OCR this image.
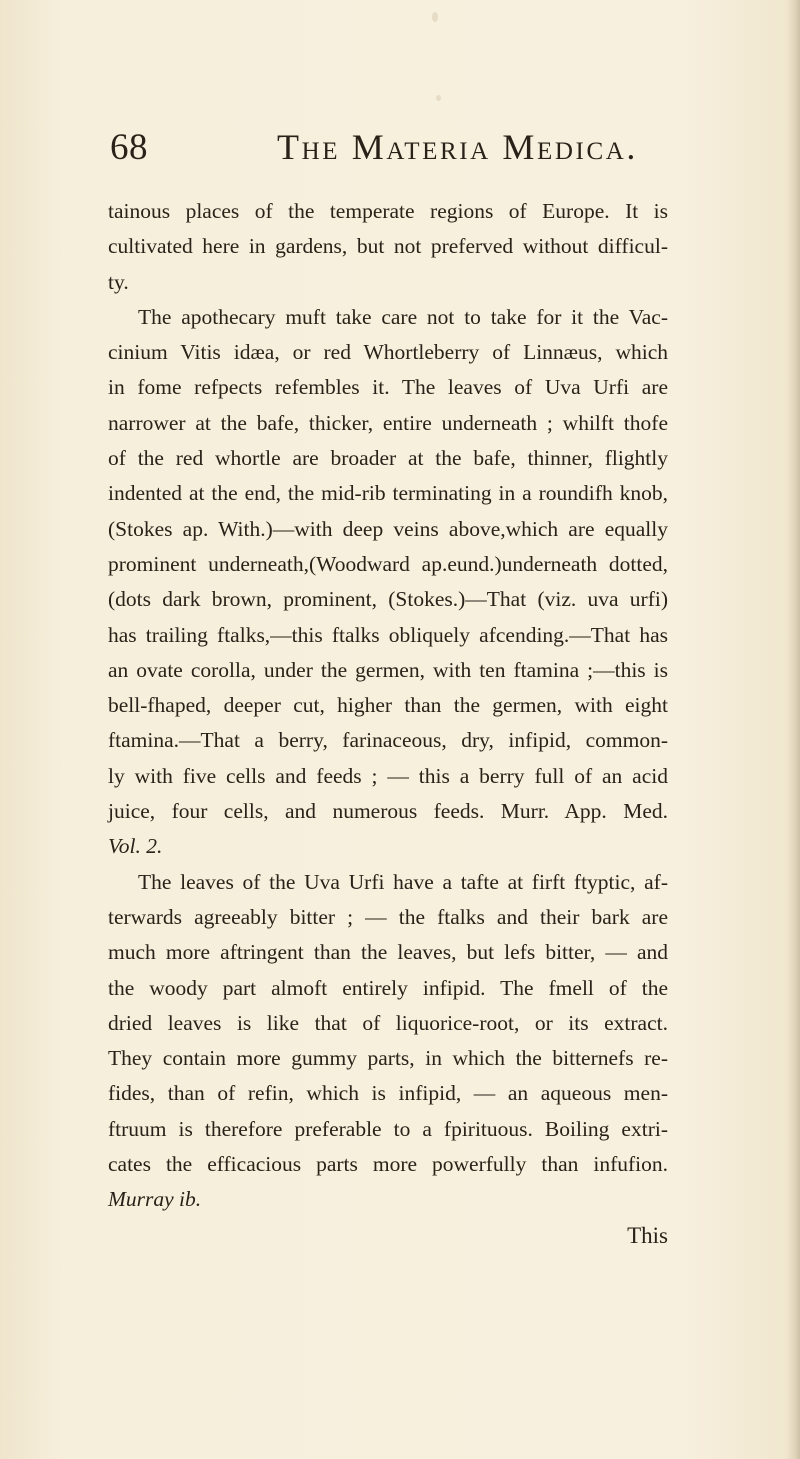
68	The Materia Medica.
tainous places of the temperate regions of Europe. It is
cultivated here in gardens, but not preferved without difficul-
ty.
The apothecary muft take care not to take for it the Vac-
cinium Vitis idæa, or red Whortleberry of Linnæus, which
in fome refpects refembles it. The leaves of Uva Urfi are
narrower at the bafe, thicker, entire underneath ; whilft thofe
of the red whortle are broader at the bafe, thinner, flightly
indented at the end, the mid-rib terminating in a roundifh knob,
(Stokes ap. With.)—with deep veins above,which are equally
prominent underneath,(Woodward ap.eund.)underneath dotted,
(dots dark brown, prominent, (Stokes.)—That (viz. uva urfi)
has trailing ftalks,—this ftalks obliquely afcending.—That has
an ovate corolla, under the germen, with ten ftamina ;—this is
bell-fhaped, deeper cut, higher than the germen, with eight
ftamina.—That a berry, farinaceous, dry, infipid, common-
ly with five cells and feeds ; — this a berry full of an acid
juice, four cells, and numerous feeds. Murr. App. Med.
Vol. 2.
The leaves of the Uva Urfi have a tafte at firft ftyptic, af-
terwards agreeably bitter ; — the ftalks and their bark are
much more aftringent than the leaves, but lefs bitter, — and
the woody part almoft entirely infipid. The fmell of the
dried leaves is like that of liquorice-root, or its extract.
They contain more gummy parts, in which the bitternefs re-
fides, than of refin, which is infipid, — an aqueous men-
ftruum is therefore preferable to a fpirituous. Boiling extri-
cates the efficacious parts more powerfully than infufion.
Murray ib.
This
